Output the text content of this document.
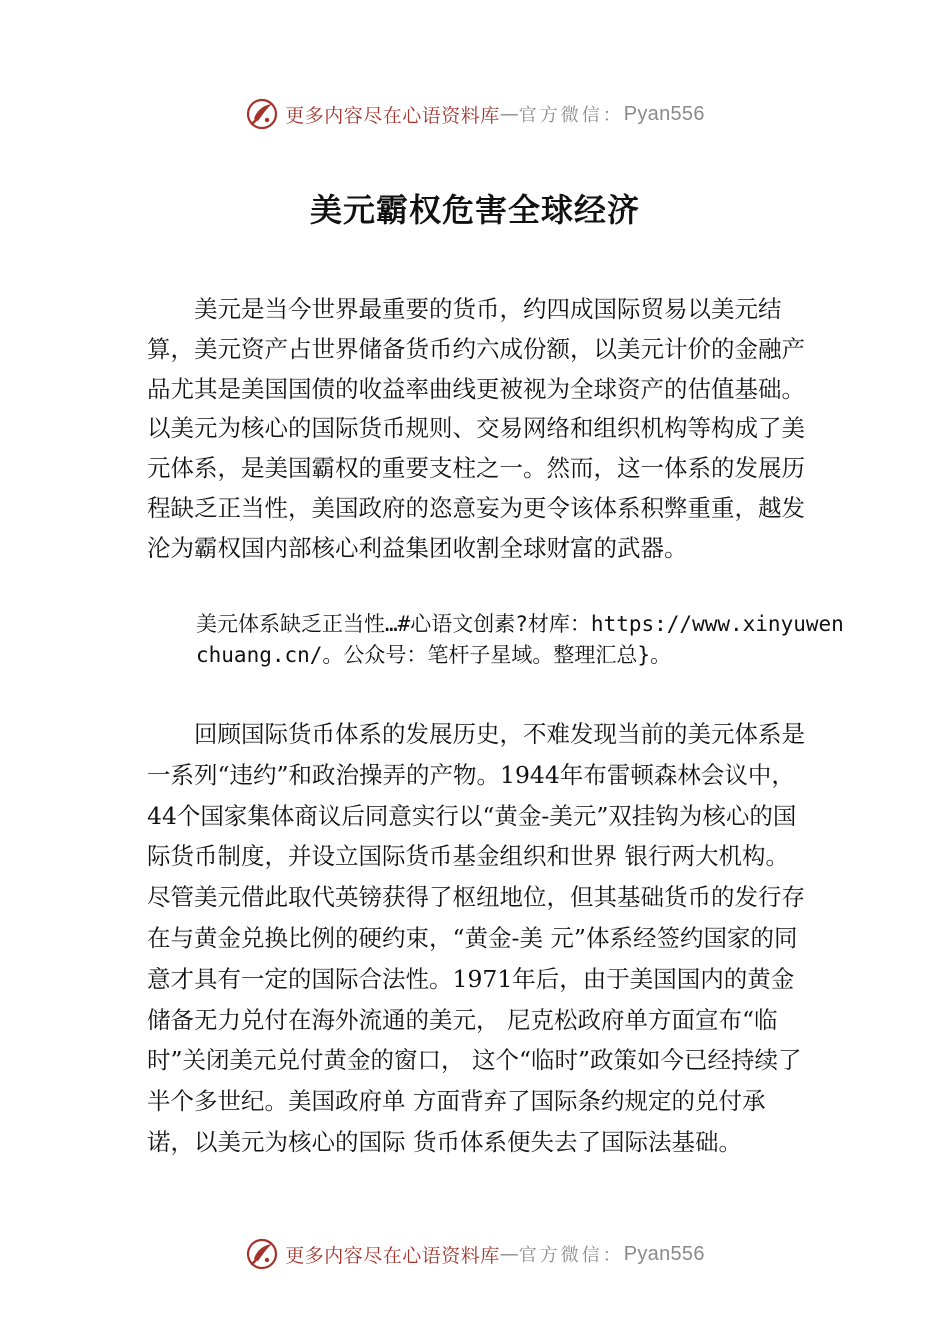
更多内容尽在心语资料库 — 官方微信： Pyan556
美元霸权危害全球经济

美元是当今世界最重要的货币，约四成国际贸易以美元结算，美元资产占世界储备货币约六成份额，以美元计价的金融产品尤其是美国国债的收益率曲线更被视为全球资产的估值基础。以美元为核心的国际货币规则、交易网络和组织机构等构成了美元体系，是美国霸权的重要支柱之一。然而，这一体系的发展历程缺乏正当性，美国政府的恣意妄为更令该体系积弊重重，越发沦为霸权国内部核心利益集团收割全球财富的武器。

美元体系缺乏正当性…#心语文创素?材库：https://www.xinyuwenchuang.cn/。公众号：笔杆子星域。整理汇总}。

回顾国际货币体系的发展历史，不难发现当前的美元体系是一系列“违约”和政治操弄的产物。1944年布雷顿森林会议中，44个国家集体商议后同意实行以“黄金-美元”双挂钩为核心的国际货币制度，并设立国际货币基金组织和世界 银行两大机构。尽管美元借此取代英镑获得了枢纽地位，但其基础货币的发行存在与黄金兑换比例的硬约束，“黄金-美 元”体系经签约国家的同意才具有一定的国际合法性。1971年后，由于美国国内的黄金储备无力兑付在海外流通的美元， 尼克松政府单方面宣布“临时”关闭美元兑付黄金的窗口， 这个“临时”政策如今已经持续了半个多世纪。美国政府单 方面背弃了国际条约规定的兑付承诺，以美元为核心的国际 货币体系便失去了国际法基础。

更多内容尽在心语资料库 — 官方微信： Pyan556
